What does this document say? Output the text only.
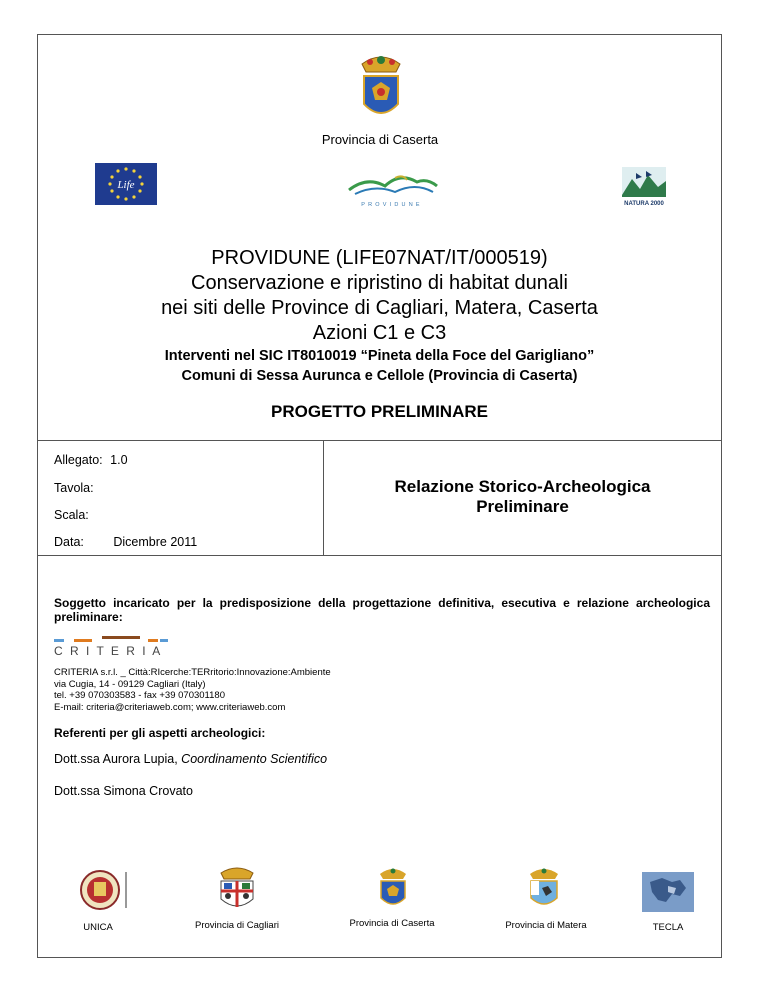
Provincia di Caserta
Life
PROVIDUNE	NATURA 2000
PROVIDUNE (LIFE07NAT/IT/000519)
Conservazione e ripristino di habitat dunali
nei siti delle Province di Cagliari, Matera, Caserta
Azioni C1 e C3
Interventi nel SIC IT8010019 “Pineta della Foce del Garigliano”
Comuni di Sessa Aurunca e Cellole (Provincia di Caserta)
PROGETTO PRELIMINARE
Allegato: 1.0
Tavola:
Scala:
Data: Dicembre 2011
Relazione Storico-Archeologica
Preliminare
Soggetto incaricato per la predisposizione della progettazione definitiva, esecutiva e relazione archeologica preliminare:
C R I T E R I A
CRITERIA s.r.l. _ Città:RIcerche:TERritorio:Innovazione:Ambiente
via Cugia, 14 - 09129 Cagliari (Italy)
tel. +39 070303583 - fax +39 070301180
E-mail: criteria@criteriaweb.com; www.criteriaweb.com
Referenti per gli aspetti archeologici:
Dott.ssa Aurora Lupia, Coordinamento Scientifico
Dott.ssa Simona Crovato
UNICA	Provincia di Cagliari	Provincia di Caserta	Provincia di Matera	TECLA
